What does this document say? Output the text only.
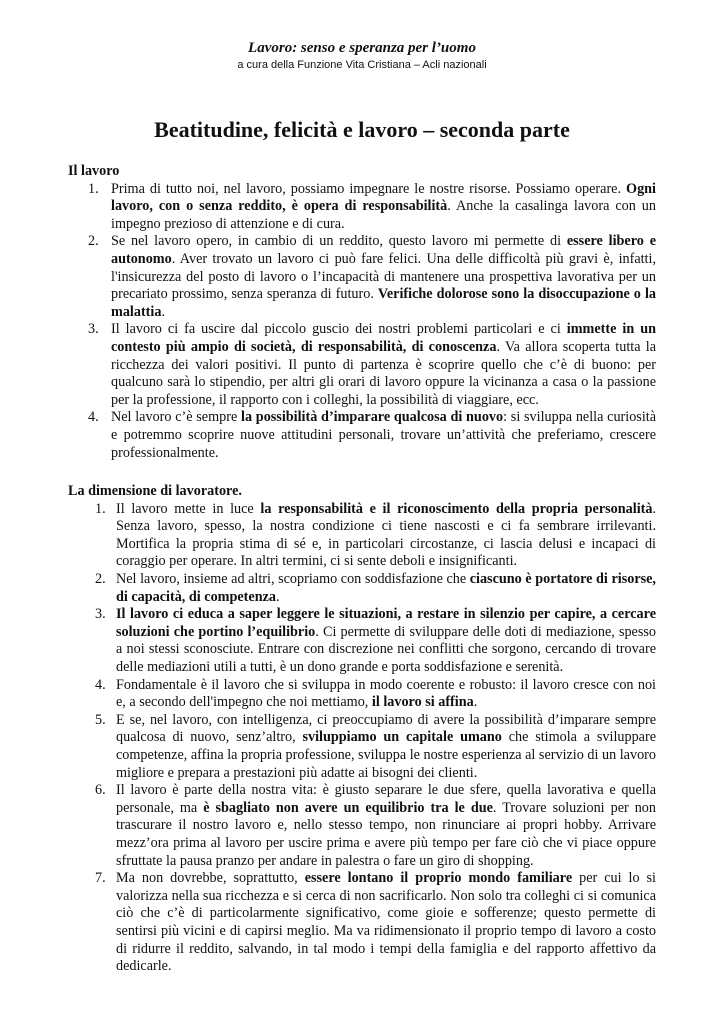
Lavoro: senso e speranza per l’uomo
a cura della Funzione Vita Cristiana – Acli nazionali
Beatitudine, felicità e lavoro – seconda parte
Il lavoro
1. Prima di tutto noi, nel lavoro, possiamo impegnare le nostre risorse. Possiamo operare. Ogni lavoro, con o senza reddito, è opera di responsabilità. Anche la casalinga lavora con un impegno prezioso di attenzione e di cura.
2. Se nel lavoro opero, in cambio di un reddito, questo lavoro mi permette di essere libero e autonomo. Aver trovato un lavoro ci può fare felici. Una delle difficoltà più gravi è, infatti, l'insicurezza del posto di lavoro o l’incapacità di mantenere una prospettiva lavorativa per un precariato prossimo, senza speranza di futuro. Verifiche dolorose sono la disoccupazione o la malattia.
3. Il lavoro ci fa uscire dal piccolo guscio dei nostri problemi particolari e ci immette in un contesto più ampio di società, di responsabilità, di conoscenza. Va allora scoperta tutta la ricchezza dei valori positivi. Il punto di partenza è scoprire quello che c’è di buono: per qualcuno sarà lo stipendio, per altri gli orari di lavoro oppure la vicinanza a casa o la passione per la professione, il rapporto con i colleghi, la possibilità di viaggiare, ecc.
4. Nel lavoro c’è sempre la possibilità d’imparare qualcosa di nuovo: si sviluppa nella curiosità e potremmo scoprire nuove attitudini personali, trovare un’attività che preferiamo, crescere professionalmente.
La dimensione di lavoratore.
1. Il lavoro mette in luce la responsabilità e il riconoscimento della propria personalità. Senza lavoro, spesso, la nostra condizione ci tiene nascosti e ci fa sembrare irrilevanti. Mortifica la propria stima di sé e, in particolari circostanze, ci lascia delusi e incapaci di coraggio per operare. In altri termini, ci si sente deboli e insignificanti.
2. Nel lavoro, insieme ad altri, scopriamo con soddisfazione che ciascuno è portatore di risorse, di capacità, di competenza.
3. Il lavoro ci educa a saper leggere le situazioni, a restare in silenzio per capire, a cercare soluzioni che portino l’equilibrio. Ci permette di sviluppare delle doti di mediazione, spesso a noi stessi sconosciute. Entrare con discrezione nei conflitti che sorgono, cercando di trovare delle mediazioni utili a tutti, è un dono grande e porta soddisfazione e serenità.
4. Fondamentale è il lavoro che si sviluppa in modo coerente e robusto: il lavoro cresce con noi e, a secondo dell'impegno che noi mettiamo, il lavoro si affina.
5. E se, nel lavoro, con intelligenza, ci preoccupiamo di avere la possibilità d’imparare sempre qualcosa di nuovo, senz’altro, sviluppiamo un capitale umano che stimola a sviluppare competenze, affina la propria professione, sviluppa le nostre esperienza al servizio di un lavoro migliore e prepara a prestazioni più adatte ai bisogni dei clienti.
6. Il lavoro è parte della nostra vita: è giusto separare le due sfere, quella lavorativa e quella personale, ma è sbagliato non avere un equilibrio tra le due. Trovare soluzioni per non trascurare il nostro lavoro e, nello stesso tempo, non rinunciare ai propri hobby. Arrivare mezz’ora prima al lavoro per uscire prima e avere più tempo per fare ciò che vi piace oppure sfruttate la pausa pranzo per andare in palestra o fare un giro di shopping.
7. Ma non dovrebbe, soprattutto, essere lontano il proprio mondo familiare per cui lo si valorizza nella sua ricchezza e si cerca di non sacrificarlo. Non solo tra colleghi ci si comunica ciò che c’è di particolarmente significativo, come gioie e sofferenze; questo permette di sentirsi più vicini e di capirsi meglio. Ma va ridimensionato il proprio tempo di lavoro a costo di ridurre il reddito, salvando, in tal modo i tempi della famiglia e del rapporto affettivo da dedicarle.
